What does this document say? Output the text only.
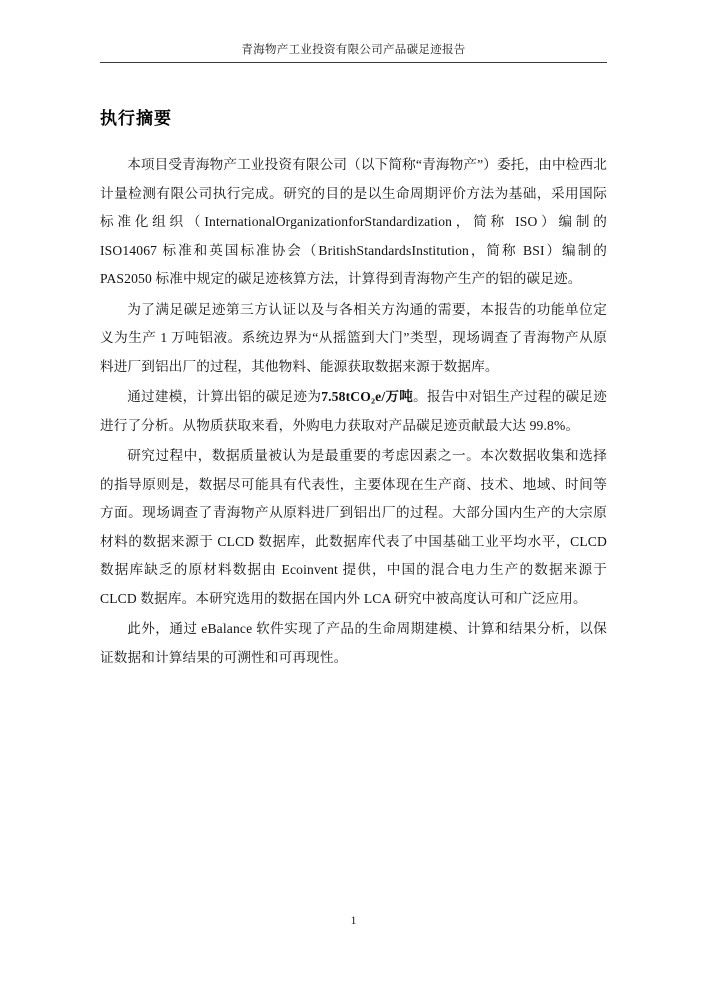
青海物产工业投资有限公司产品碳足迹报告
执行摘要

本项目受青海物产工业投资有限公司（以下简称“青海物产”）委托，由中检西北计量检测有限公司执行完成。研究的目的是以生命周期评价方法为基础，采用国际标准化组织（InternationalOrganizationforStandardization，简称 ISO）编制的 ISO14067 标准和英国标准协会（BritishStandardsInstitution，简称 BSI）编制的 PAS2050 标准中规定的碳足迹核算方法，计算得到青海物产生产的铝的碳足迹。

为了满足碳足迹第三方认证以及与各相关方沟通的需要，本报告的功能单位定义为生产 1 万吨铝液。系统边界为“从摇篮到大门”类型，现场调查了青海物产从原料进厂到铝出厂的过程，其他物料、能源获取数据来源于数据库。

通过建模，计算出铝的碳足迹为7.58tCO₂e/万吨。报告中对铝生产过程的碳足迹进行了分析。从物质获取来看，外购电力获取对产品碳足迹贡献最大达 99.8%。

研究过程中，数据质量被认为是最重要的考虑因素之一。本次数据收集和选择的指导原则是，数据尽可能具有代表性，主要体现在生产商、技术、地域、时间等方面。现场调查了青海物产从原料进厂到铝出厂的过程。大部分国内生产的大宗原材料的数据来源于 CLCD 数据库，此数据库代表了中国基础工业平均水平，CLCD 数据库缺乏的原材料数据由 Ecoinvent 提供，中国的混合电力生产的数据来源于 CLCD 数据库。本研究选用的数据在国内外 LCA 研究中被高度认可和广泛应用。

此外，通过 eBalance 软件实现了产品的生命周期建模、计算和结果分析，以保证数据和计算结果的可溯性和可再现性。

1
